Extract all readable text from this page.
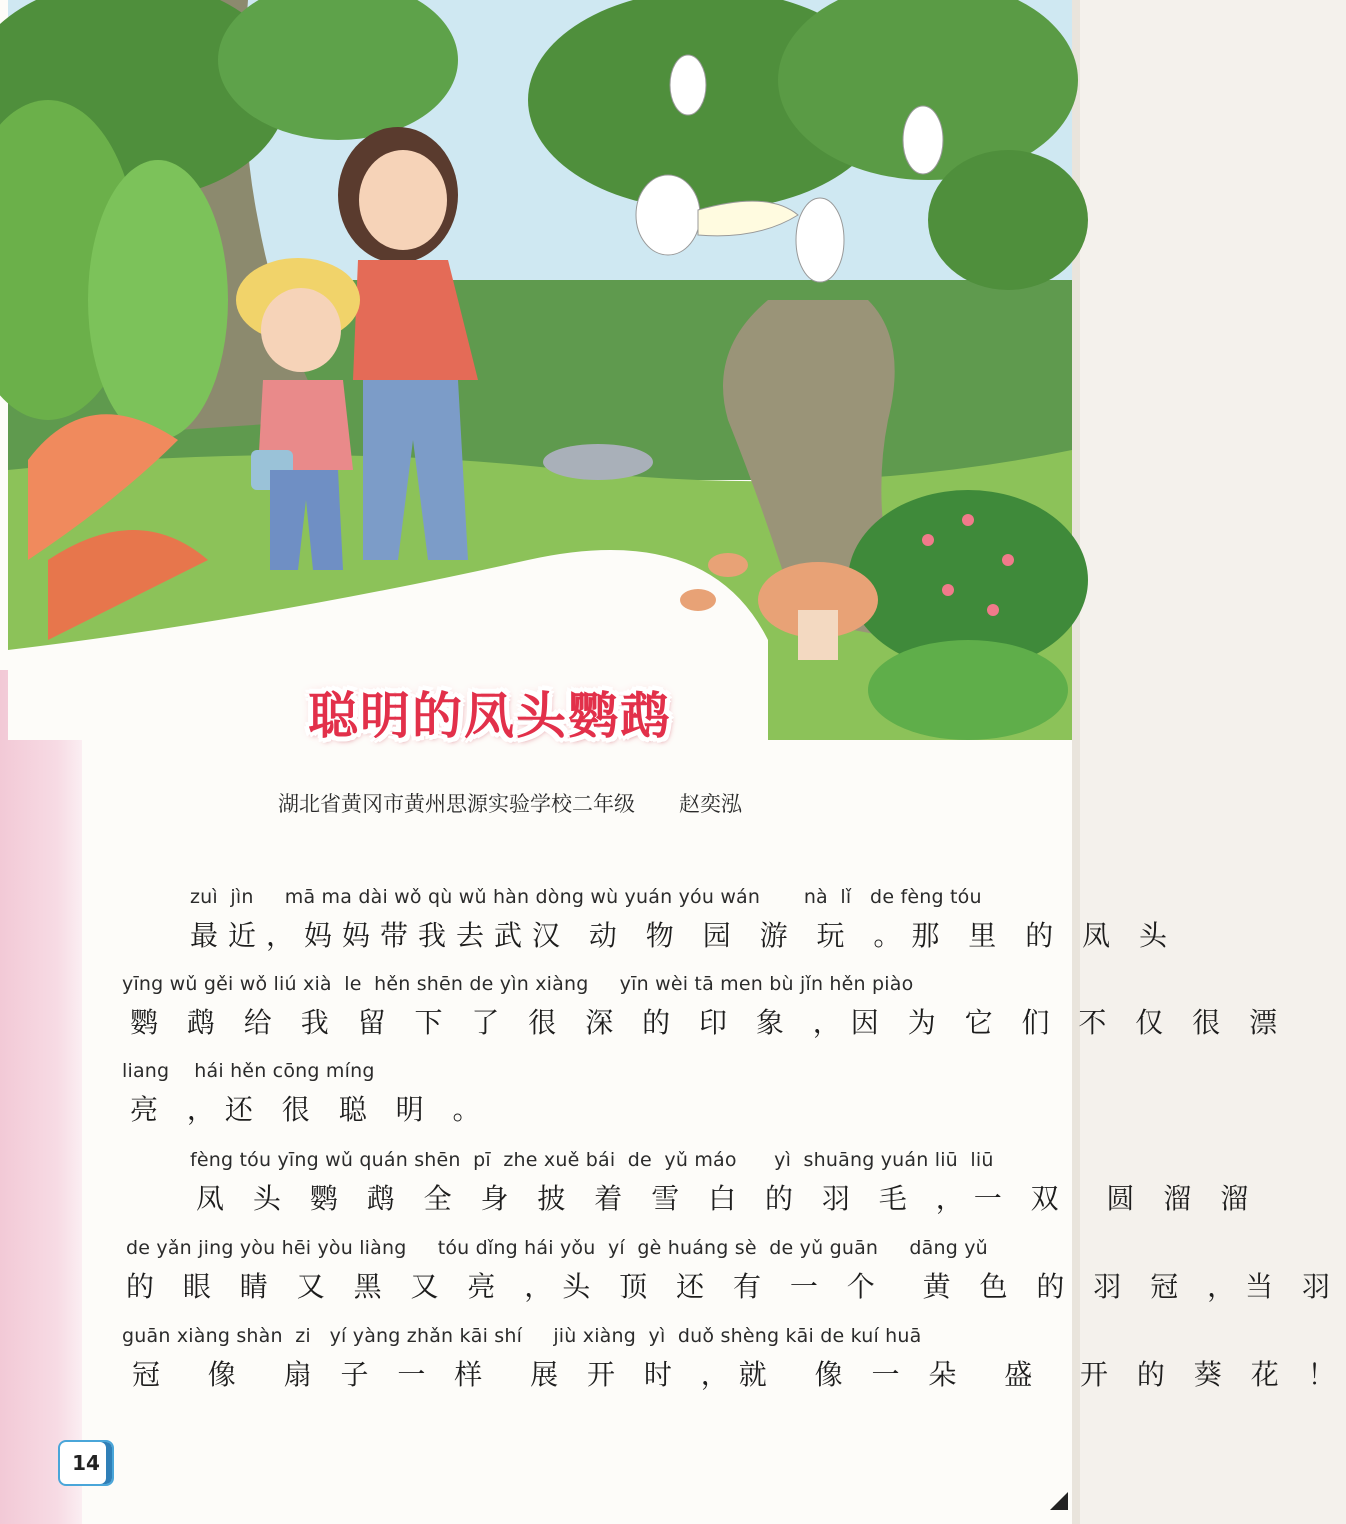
聪明的凤头鹦鹉
湖北省黄冈市黄州思源实验学校二年级 赵奕泓
zuì  jìn     mā ma dài wǒ qù wǔ hàn dòng wù yuán yóu wán       nà  lǐ   de fèng tóu
最近，妈妈带我去武汉 动 物 园 游 玩 。那 里 的 凤 头
yīng wǔ gěi wǒ liú xià  le  hěn shēn de yìn xiàng     yīn wèi tā men bù jǐn hěn piào
鹦 鹉 给 我 留 下 了 很 深 的 印 象 ，因 为 它 们 不 仅 很 漂
liang    hái hěn cōng míng
亮 ，还 很 聪 明 。
fèng tóu yīng wǔ quán shēn  pī  zhe xuě bái  de  yǔ máo      yì  shuāng yuán liū  liū
凤 头 鹦 鹉 全 身 披 着 雪 白 的 羽 毛 ，一 双  圆 溜 溜
de yǎn jing yòu hēi yòu liàng     tóu dǐng hái yǒu  yí  gè huáng sè  de yǔ guān     dāng yǔ
的 眼 睛 又 黑 又 亮 ，头 顶 还 有 一 个  黄 色 的 羽 冠 ，当 羽
guān xiàng shàn  zi   yí yàng zhǎn kāi shí     jiù xiàng  yì  duǒ shèng kāi de kuí huā
冠  像  扇 子 一 样  展 开 时 ，就  像 一 朵  盛  开 的 葵 花 ！
14
